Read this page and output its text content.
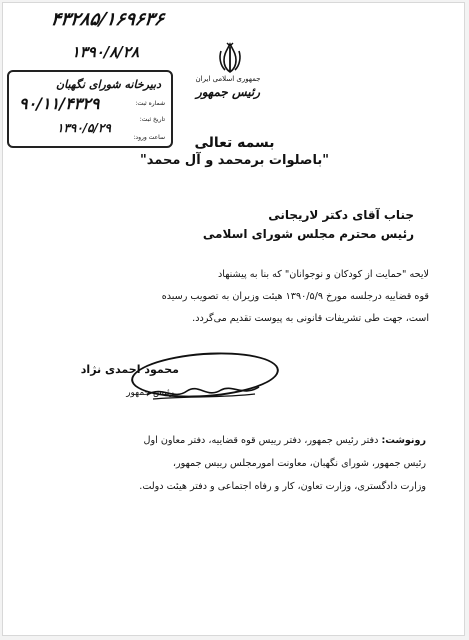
۴۳۲۸۵/۱۶۹۶۳۶
۱۳۹۰/۸/۲۸
جمهوری اسلامی ایران
رئیس جمهور
دبیرخانه شورای نگهبان
شماره ثبت:
۹۰/۱۱/۴۳۲۹
تاریخ ثبت:
۱۳۹۰/۵/۲۹
ساعت ورود:	بسمه تعالی
"باصلوات برمحمد و آل محمد"
جناب آقای دکتر لاریجانی
رئیس محترم مجلس شورای اسلامی
لایحه "حمایت از کودکان و نوجوانان" که بنا به پیشنهاد
قوه قضاییه درجلسه مورخ ۱۳۹۰/۵/۹ هیئت وزیران به تصویب رسیده
است، جهت طی تشریفات قانونی به پیوست تقدیم می‌گردد.
محمود احمدی نژاد
رئیس جمهور
رونوشت: دفتر رئیس جمهور، دفتر رییس قوه قضاییه، دفتر معاون اول
رئیس جمهور، شورای نگهبان، معاونت امورمجلس رییس جمهور،
وزارت دادگستری، وزارت تعاون، کار و رفاه اجتماعی و دفتر هیئت دولت.
